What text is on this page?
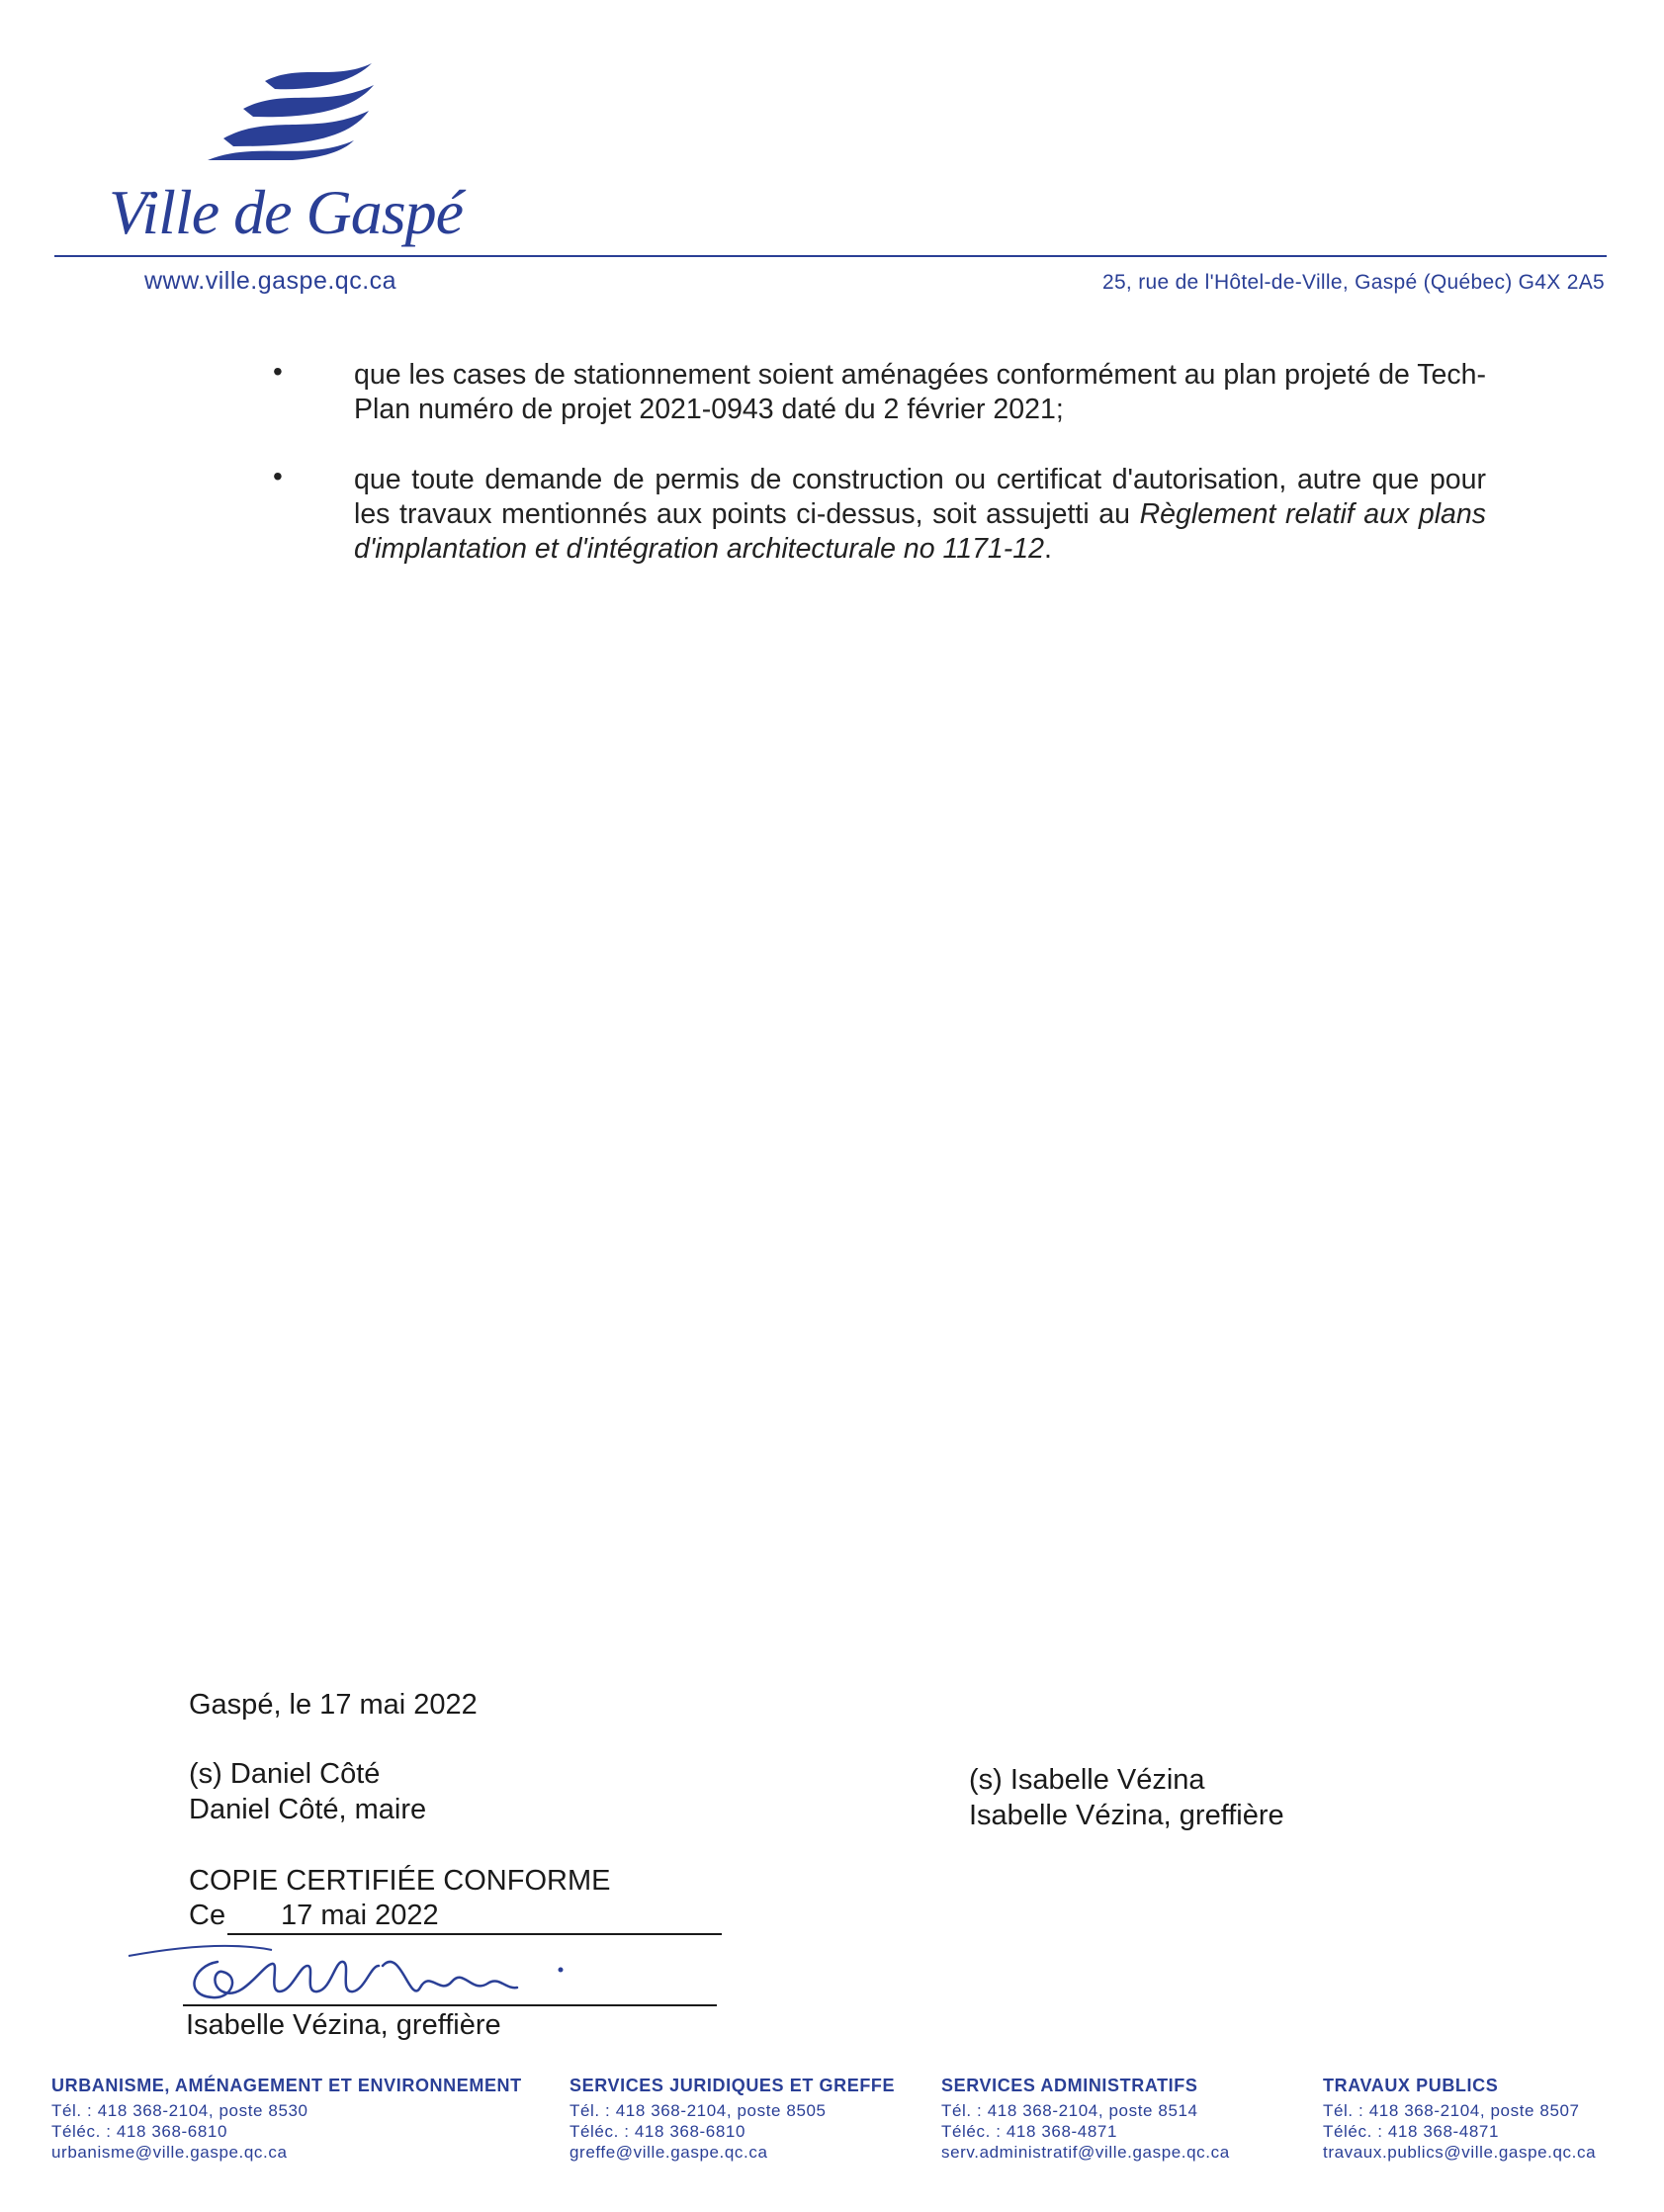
Ville de Gaspé
www.ville.gaspe.qc.ca	25, rue de l'Hôtel-de-Ville, Gaspé (Québec) G4X 2A5
•	que les cases de stationnement soient aménagées conformément au plan projeté de Tech-Plan numéro de projet 2021-0943 daté du 2 février 2021;
•	que toute demande de permis de construction ou certificat d'autorisation, autre que pour les travaux mentionnés aux points ci-dessus, soit assujetti au Règlement relatif aux plans d'implantation et d'intégration architecturale no 1171-12.
Gaspé, le 17 mai 2022
(s) Daniel Côté
Daniel Côté, maire
(s) Isabelle Vézina
Isabelle Vézina, greffière
COPIE CERTIFIÉE CONFORME
Ce 17 mai 2022
Isabelle Vézina, greffière
URBANISME, AMÉNAGEMENT ET ENVIRONNEMENT
Tél. : 418 368-2104, poste 8530
Téléc. : 418 368-6810
urbanisme@ville.gaspe.qc.ca
SERVICES JURIDIQUES ET GREFFE
Tél. : 418 368-2104, poste 8505
Téléc. : 418 368-6810
greffe@ville.gaspe.qc.ca
SERVICES ADMINISTRATIFS
Tél. : 418 368-2104, poste 8514
Téléc. : 418 368-4871
serv.administratif@ville.gaspe.qc.ca
TRAVAUX PUBLICS
Tél. : 418 368-2104, poste 8507
Téléc. : 418 368-4871
travaux.publics@ville.gaspe.qc.ca
